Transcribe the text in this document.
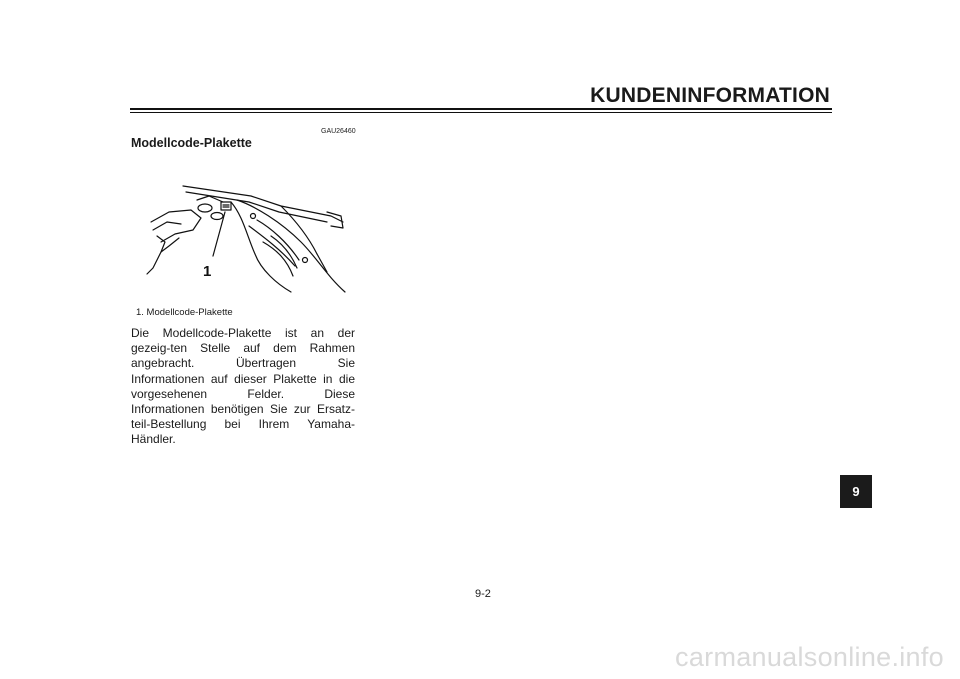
KUNDENINFORMATION
GAU26460
Modellcode-Plakette
1
1. Modellcode-Plakette
Die Modellcode-Plakette ist an der gezeig-ten Stelle auf dem Rahmen angebracht. Übertragen Sie Informationen auf dieser Plakette in die vorgesehenen Felder. Diese Informationen benötigen Sie zur Ersatz-teil-Bestellung bei Ihrem Yamaha-Händler.
9
9-2
carmanualsonline.info
